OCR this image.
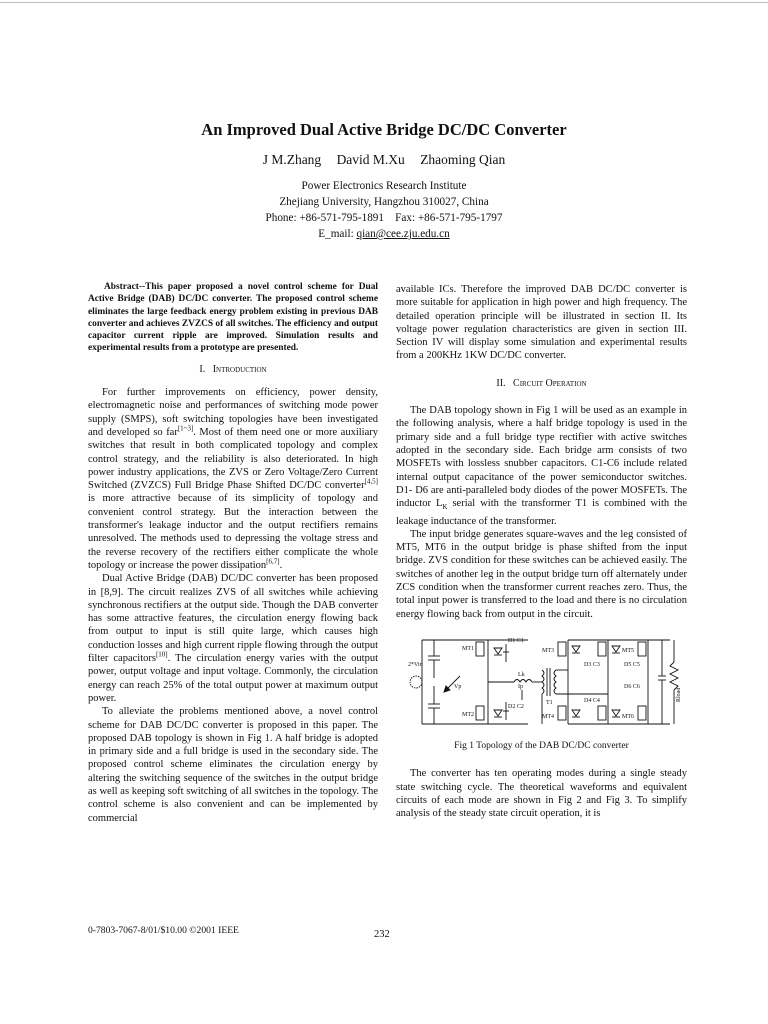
An Improved Dual Active Bridge DC/DC Converter
J M.Zhang David M.Xu Zhaoming Qian
Power Electronics Research Institute
Zhejiang University, Hangzhou 310027, China
Phone: +86-571-795-1891    Fax: +86-571-795-1797
E_mail: qian@cee.zju.edu.cn

Abstract--This paper proposed a novel control scheme for Dual Active Bridge (DAB) DC/DC converter. The proposed control scheme eliminates the large feedback energy problem existing in previous DAB converter and achieves ZVZCS of all switches. The efficiency and output capacitor current ripple are improved. Simulation results and experimental results from a prototype are presented.

I. Introduction

For further improvements on efficiency, power density, electromagnetic noise and performances of switching mode power supply (SMPS), soft switching topologies have been investigated and developed so far[1~3]. Most of them need one or more auxiliary switches that result in both complicated topology and complex control strategy, and the reliability is also deteriorated. In high power industry applications, the ZVS or Zero Voltage/Zero Current Switched (ZVZCS) Full Bridge Phase Shifted DC/DC converter[4,5] is more attractive because of its simplicity of topology and convenient control strategy. But the interaction between the transformer's leakage inductor and the output rectifiers remains unresolved. The methods used to depressing the voltage stress and the reverse recovery of the rectifiers either complicate the whole topology or increase the power dissipation[6,7].

Dual Active Bridge (DAB) DC/DC converter has been proposed in [8,9]. The circuit realizes ZVS of all switches while achieving synchronous rectifiers at the output side. Though the DAB converter has some attractive features, the circulation energy flowing back from output to input is still quite large, which causes high conduction losses and high current ripple flowing through the output filter capacitors[10]. The circulation energy varies with the output power, output voltage and input voltage. Commonly, the circulation energy can reach 25% of the total output power at maximum output power.

To alleviate the problems mentioned above, a novel control scheme for DAB DC/DC converter is proposed in this paper. The proposed DAB topology is shown in Fig 1. A half bridge is adopted in primary side and a full bridge is used in the secondary side. The proposed control scheme eliminates the circulation energy by altering the switching sequence of the switches in the output bridge as well as keeping soft switching of all switches in the topology. The control scheme is also convenient and can be implemented by commercial

available ICs. Therefore the improved DAB DC/DC converter is more suitable for application in high power and high frequency. The detailed operation principle will be illustrated in section II. Its voltage power regulation characteristics are given in section III. Section IV will display some simulation and experimental results from a 200KHz 1KW DC/DC converter.

II. Circuit Operation

The DAB topology shown in Fig 1 will be used as an example in the following analysis, where a half bridge topology is used in the primary side and a full bridge type rectifier with active switches adopted in the secondary side. Each bridge arm consists of two MOSFETs with lossless snubber capacitors. C1-C6 include related internal output capacitance of the power semiconductor switches. D1- D6 are anti-paralleled body diodes of the power MOSFETs. The inductor $L_K$ serial with the transformer T1 is combined with the leakage inductance of the transformer.

The input bridge generates square-waves and the leg consisted of MT5, MT6 in the output bridge is phase shifted from the input bridge. ZVS condition for these switches can be achieved easily. The switches of another leg in the output bridge turn off alternately under ZCS condition when the transformer current reaches zero. Thus, the total input power is transferred to the load and there is no circulation energy flowing back from output in the circuit.

MT1
MT2
D1 C1
D2 C2
MT3
MT4
D3 C3
D4 C4
MT5
MT6
D5 C5
D6 C6
2*Vin
Vp
Lk
Ip
T1
Rload
Fig 1 Topology of the DAB DC/DC converter

The converter has ten operating modes during a single steady state switching cycle. The theoretical waveforms and equivalent circuits of each mode are shown in Fig 2 and Fig 3. To simplify analysis of the steady state circuit operation, it is

0-7803-7067-8/01/$10.00 ©2001 IEEE	232
